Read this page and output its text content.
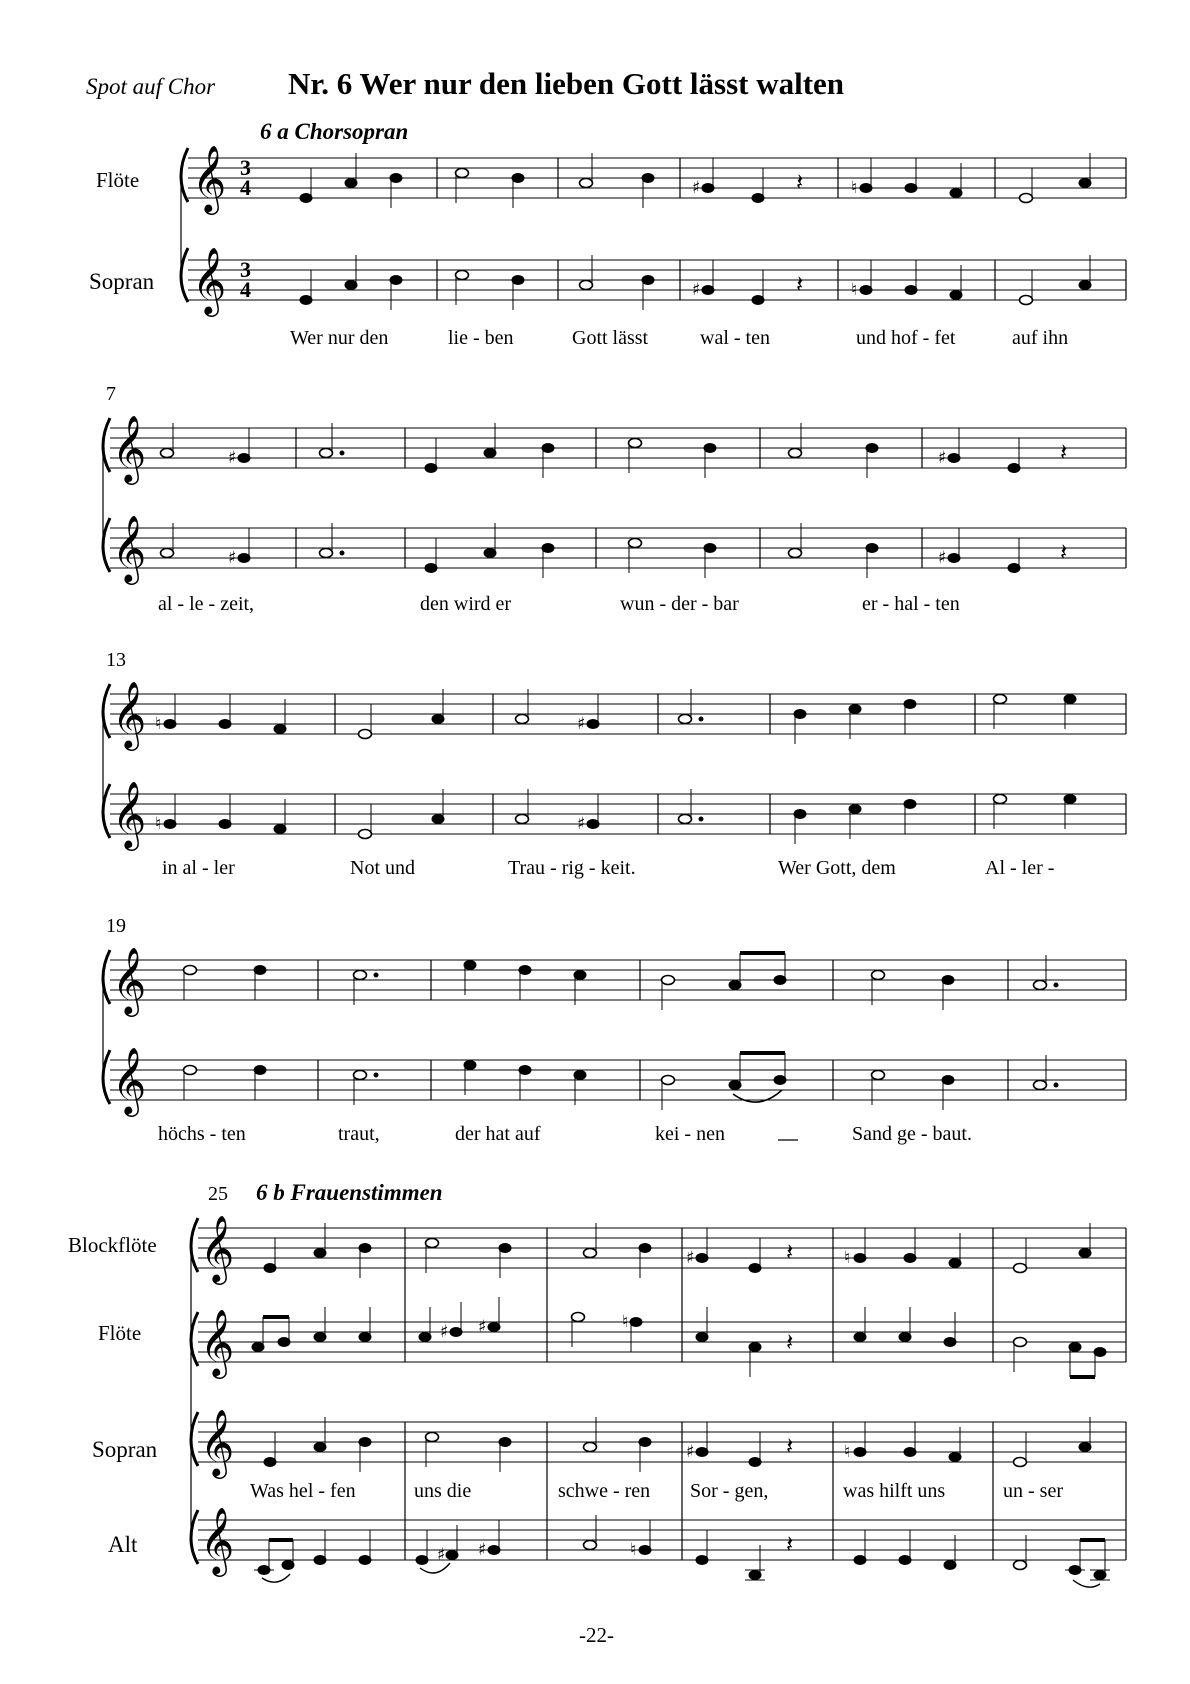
Spot auf Chor Nr. 6 Wer nur den lieben Gott lässt walten
6 a Chorsopran
Flöte
Sopran
𝄞
𝄞
3
4
3
4
♯	𝄽	♮
♯	𝄽	♮
Wer nur den	lie - ben	Gott lässt	wal - ten	und hof - fet	auf ihn
7
𝄞
𝄞
♯	♯	𝄽
♯	♯	𝄽
al - le - zeit,	den wird er	wun - der - bar	er - hal - ten
13
𝄞
𝄞
♮	♯
♮	♯
in al - ler	Not und	Trau - rig - keit.	Wer Gott, dem	Al - ler -
19
𝄞
𝄞
höchs - ten	traut,	der hat auf	kei - nen	Sand ge - baut.
25 6 b Frauenstimmen
Blockflöte
Flöte
Sopran
Alt
𝄞
𝄞
𝄞
𝄞
♯	𝄽	♮
♯ ♯	♮
𝄽
♯	𝄽	♮
Was hel - fen	uns die	schwe - ren Sor - gen,	was hilft uns	un - ser
♯ ♯	♮	𝄽
-22-
